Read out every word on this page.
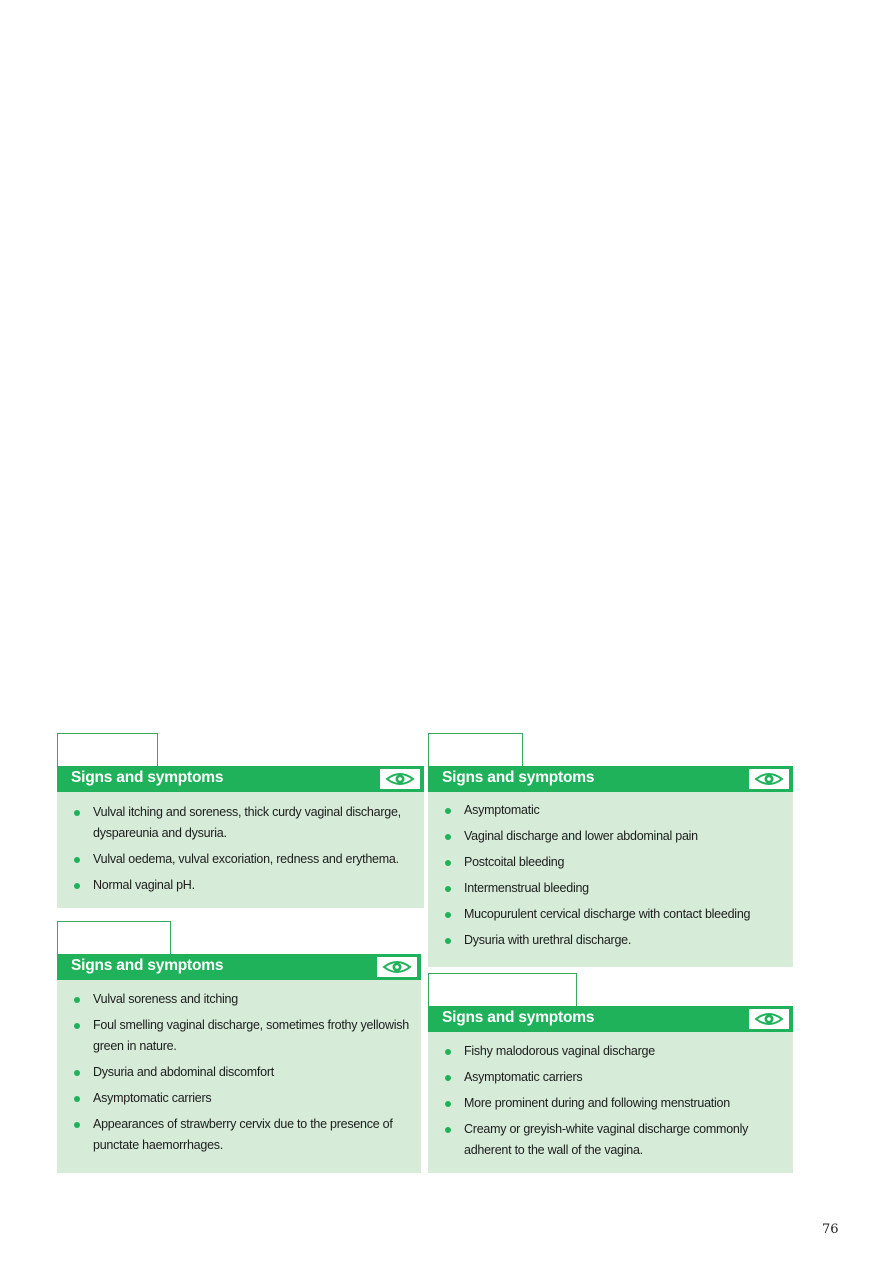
Signs and symptoms
Vulval itching and soreness, thick curdy vaginal discharge, dyspareunia and dysuria.
Vulval oedema, vulval excoriation, redness and erythema.
Normal vaginal pH.
Signs and symptoms
Asymptomatic
Vaginal discharge and lower abdominal pain
Postcoital bleeding
Intermenstrual bleeding
Mucopurulent cervical discharge with contact bleeding
Dysuria with urethral discharge.
Signs and symptoms
Vulval soreness and itching
Foul smelling vaginal discharge, sometimes frothy yellowish green in nature.
Dysuria and abdominal discomfort
Asymptomatic carriers
Appearances of strawberry cervix due to the presence of punctate haemorrhages.
Signs and symptoms
Fishy malodorous vaginal discharge
Asymptomatic carriers
More prominent during and following menstruation
Creamy or greyish-white vaginal discharge commonly adherent to the wall of the vagina.
76
